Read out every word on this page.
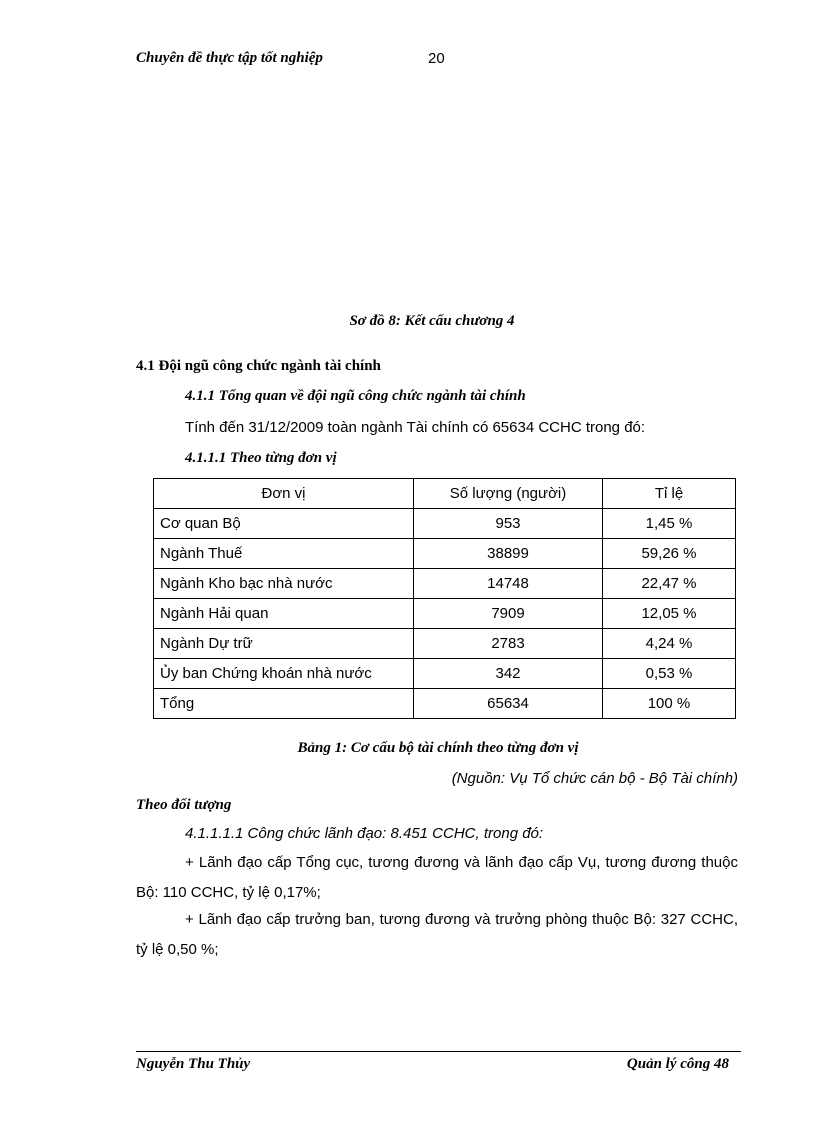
Chuyên đề thực tập tốt nghiệp	20
Sơ đồ 8: Kết cấu chương 4
4.1 Đội ngũ công chức ngành tài chính
4.1.1 Tổng quan về đội ngũ công chức ngành tài chính
Tính đến 31/12/2009 toàn ngành Tài chính có 65634 CCHC trong đó:
4.1.1.1 Theo từng đơn vị
Đơn vị	Số lượng (người)	Tỉ lệ
Cơ quan Bộ	953	1,45 %
Ngành Thuế	38899	59,26 %
Ngành Kho bạc nhà nước	14748	22,47 %
Ngành Hải quan	7909	12,05 %
Ngành Dự trữ	2783	4,24 %
Ủy ban Chứng khoán nhà nước	342	0,53 %
Tổng	65634	100 %
Bảng 1: Cơ cấu bộ tài chính theo từng đơn vị
(Nguồn: Vụ Tổ chức cán bộ - Bộ Tài chính)
Theo đối tượng
4.1.1.1.1 Công chức lãnh đạo: 8.451 CCHC, trong đó:
+ Lãnh đạo cấp Tổng cục, tương đương và lãnh đạo cấp Vụ, tương đương thuộc Bộ: 110 CCHC, tỷ lệ 0,17%;
+ Lãnh đạo cấp trưởng ban, tương đương và trưởng phòng thuộc Bộ: 327 CCHC, tỷ lệ 0,50 %;
Nguyễn Thu Thủy	Quản lý công 48
